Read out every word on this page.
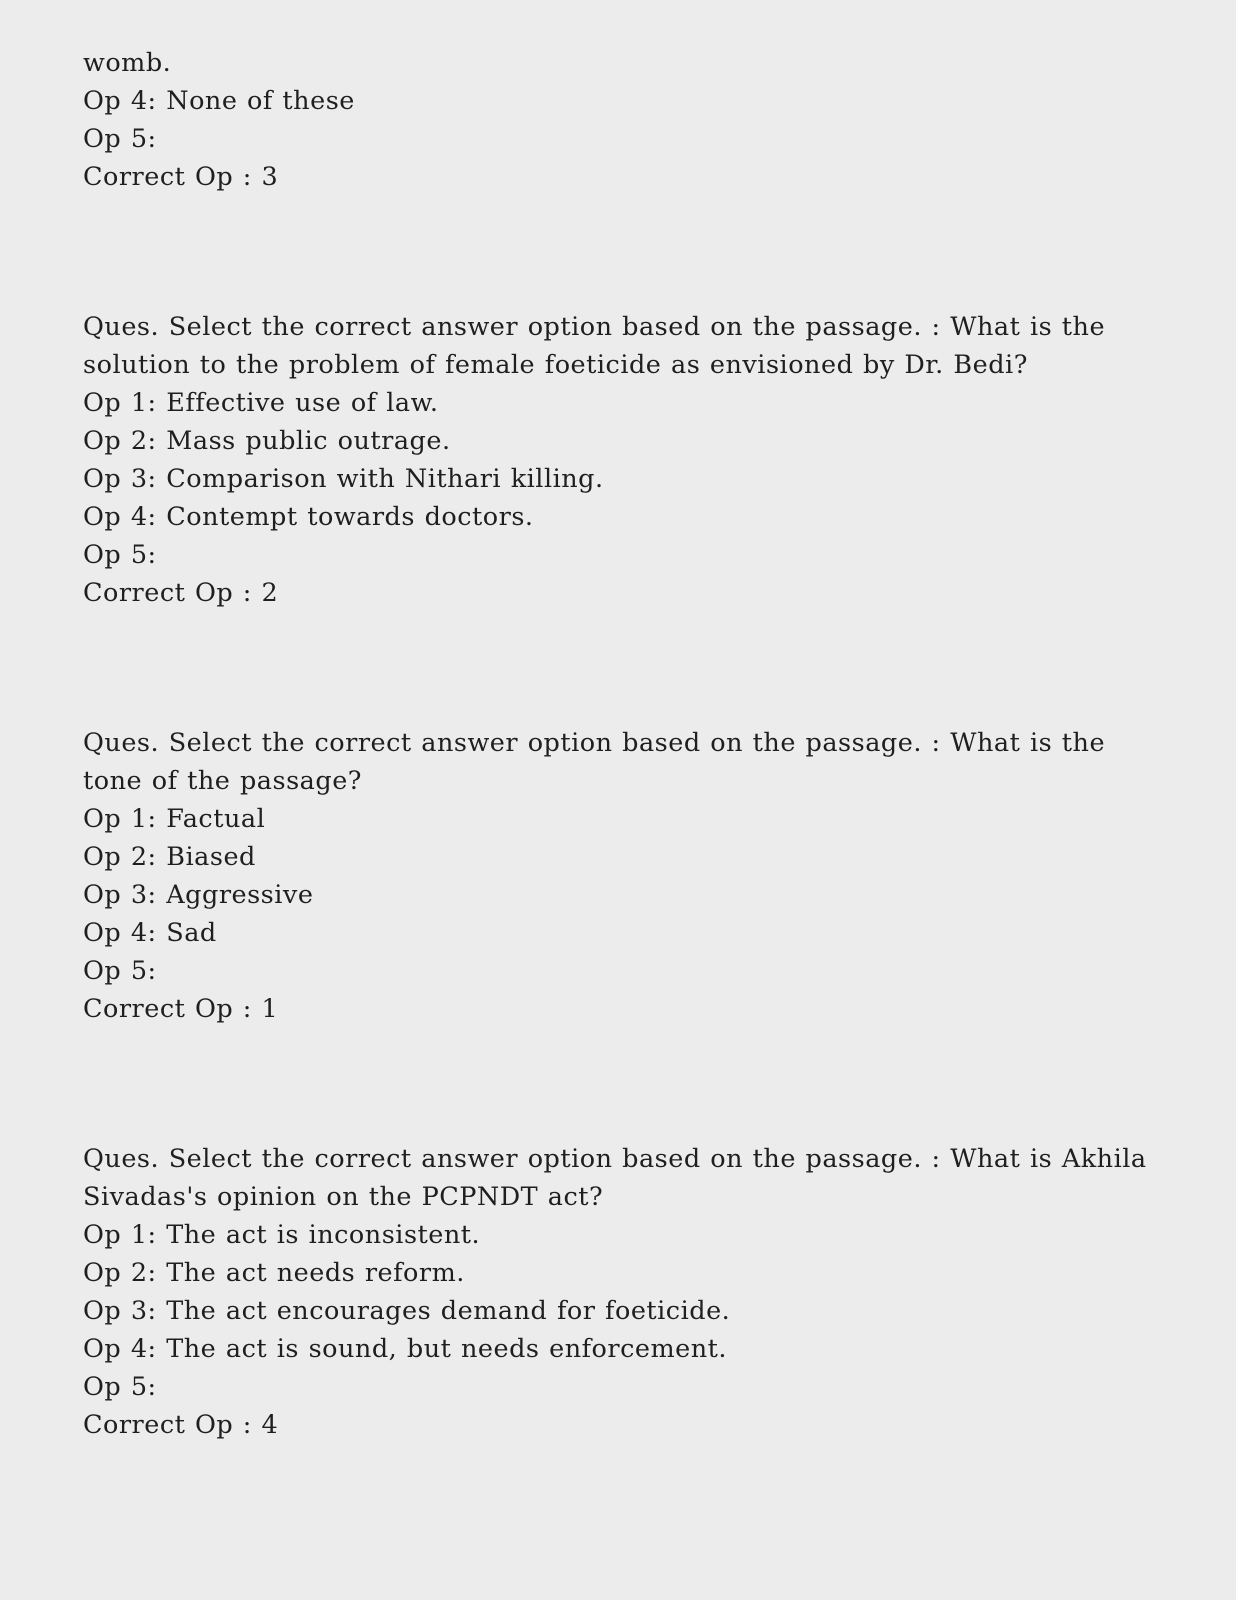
womb.

Op 4: None of these

Op 5:

Correct Op : 3

Ques. Select the correct answer option based on the passage. : What is the

solution to the problem of female foeticide as envisioned by Dr. Bedi?

Op 1: Effective use of law.

Op 2: Mass public outrage.

Op 3: Comparison with Nithari killing.

Op 4: Contempt towards doctors.

Op 5:

Correct Op : 2

Ques. Select the correct answer option based on the passage. : What is the

tone of the passage?

Op 1: Factual

Op 2: Biased

Op 3: Aggressive

Op 4: Sad

Op 5:

Correct Op : 1

Ques. Select the correct answer option based on the passage. : What is Akhila

Sivadas's opinion on the PCPNDT act?

Op 1: The act is inconsistent.

Op 2: The act needs reform.

Op 3: The act encourages demand for foeticide.

Op 4: The act is sound, but needs enforcement.

Op 5:

Correct Op : 4
